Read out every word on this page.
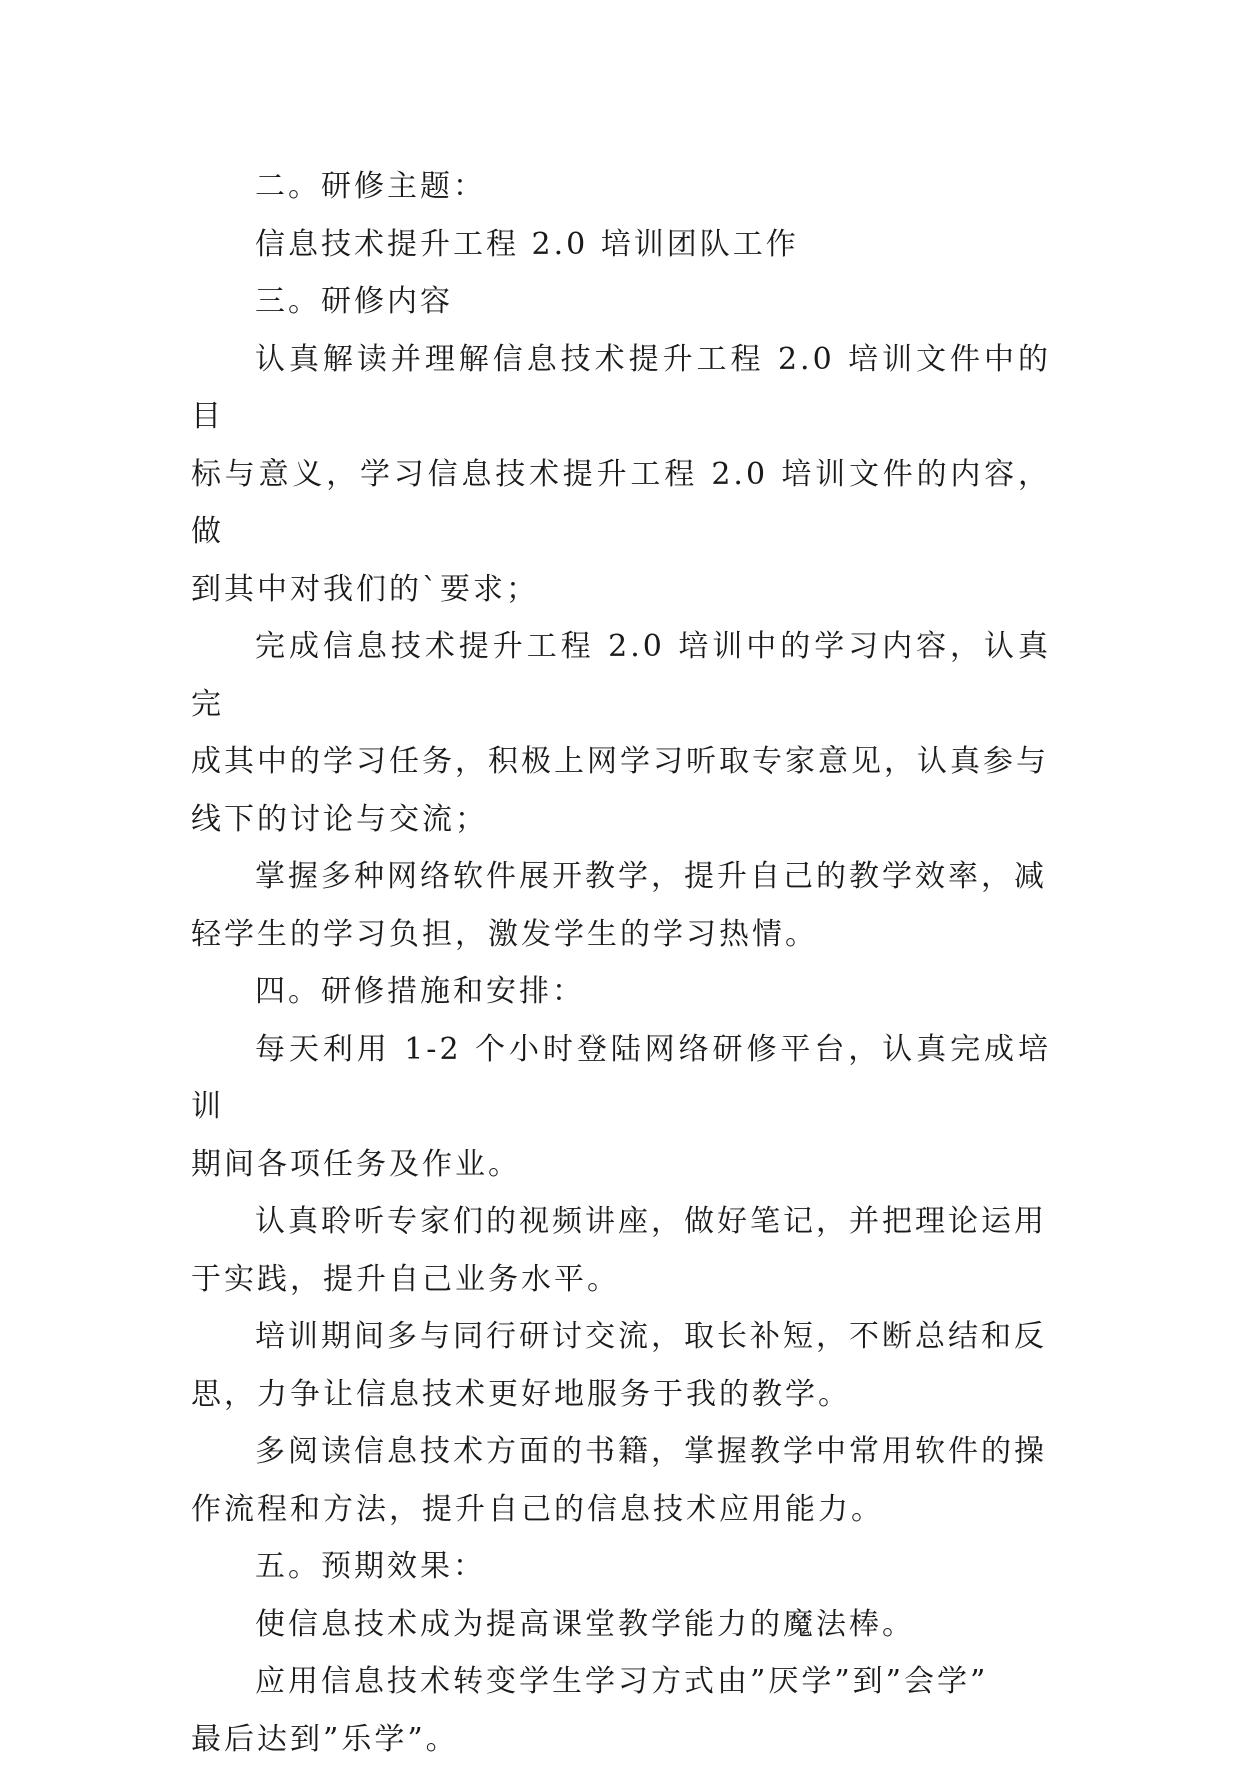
二。研修主题：

信息技术提升工程 2.0 培训团队工作

三。研修内容

认真解读并理解信息技术提升工程 2.0 培训文件中的目
标与意义，学习信息技术提升工程 2.0 培训文件的内容，做
到其中对我们的`要求；

完成信息技术提升工程 2.0 培训中的学习内容，认真完
成其中的学习任务，积极上网学习听取专家意见，认真参与
线下的讨论与交流；

掌握多种网络软件展开教学，提升自己的教学效率，减
轻学生的学习负担，激发学生的学习热情。

四。研修措施和安排：

每天利用 1-2 个小时登陆网络研修平台，认真完成培训
期间各项任务及作业。

认真聆听专家们的视频讲座，做好笔记，并把理论运用
于实践，提升自己业务水平。

培训期间多与同行研讨交流，取长补短，不断总结和反
思，力争让信息技术更好地服务于我的教学。

多阅读信息技术方面的书籍，掌握教学中常用软件的操
作流程和方法，提升自己的信息技术应用能力。

五。预期效果：

使信息技术成为提高课堂教学能力的魔法棒。

应用信息技术转变学生学习方式由”厌学”到”会学”
最后达到”乐学”。
